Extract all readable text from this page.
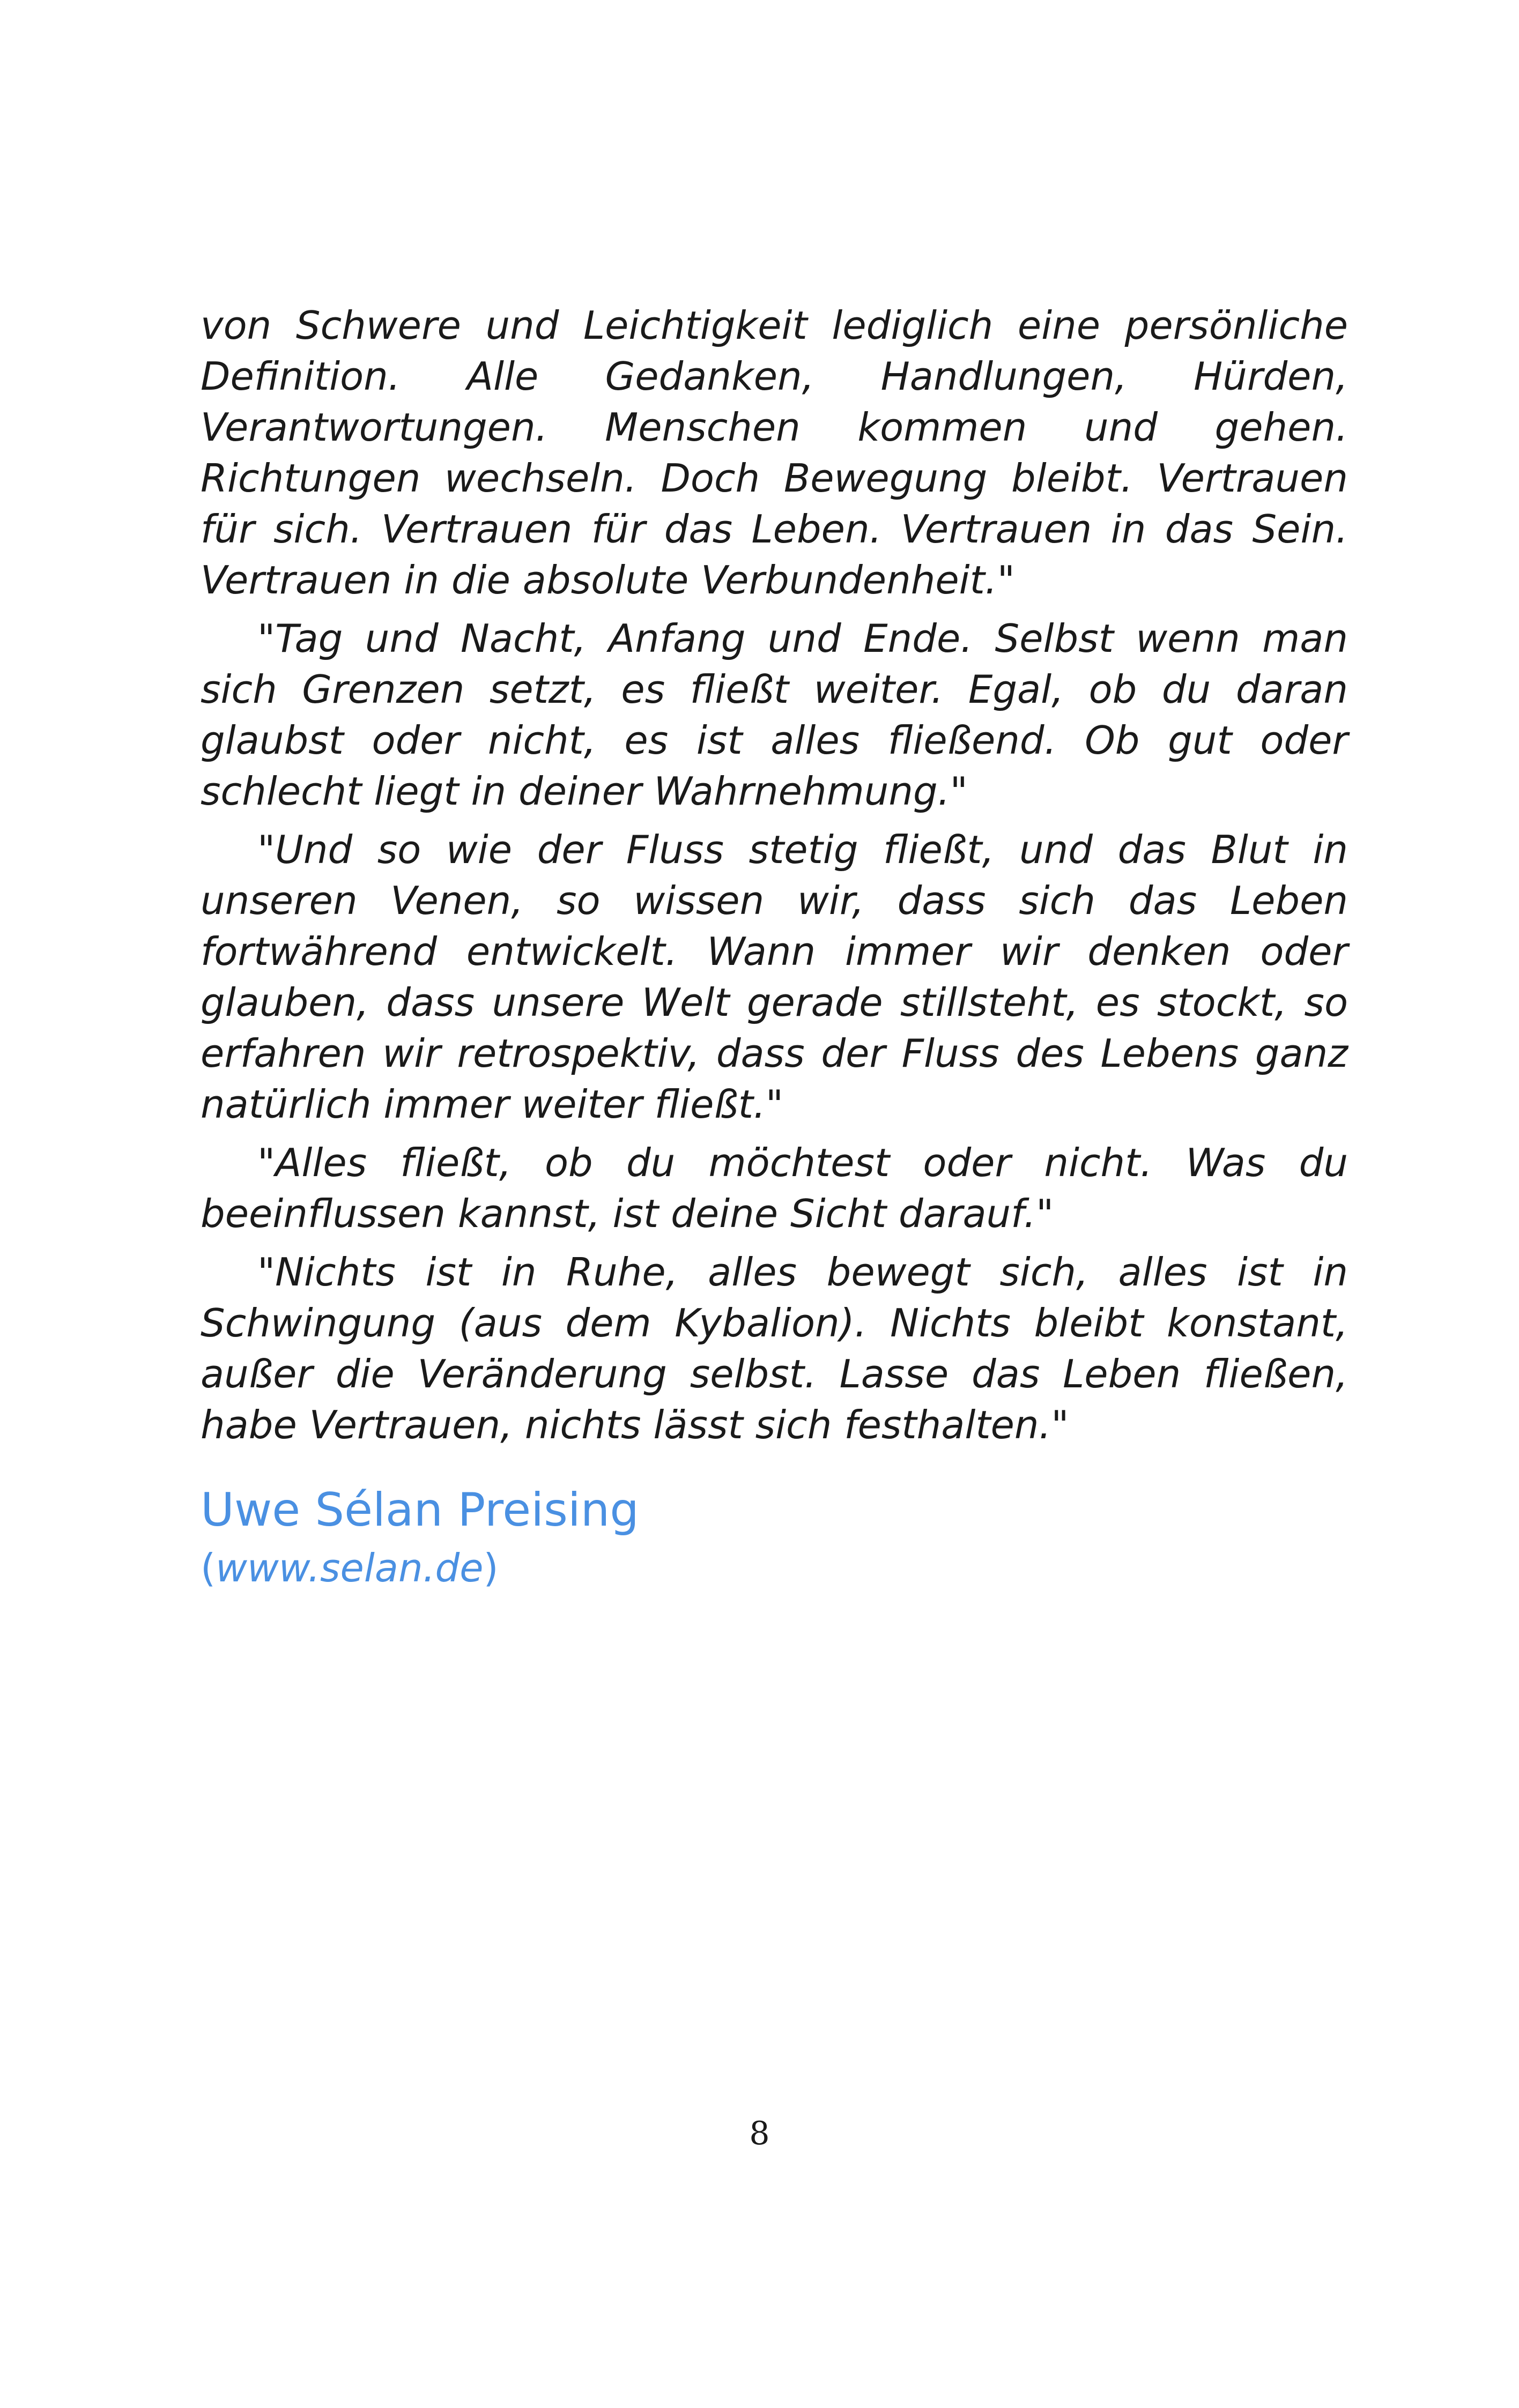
von Schwere und Leichtigkeit lediglich eine persönliche Definition. Alle Gedanken, Handlungen, Hürden, Verantwortungen. Menschen kommen und gehen. Richtungen wechseln. Doch Bewegung bleibt. Vertrauen für sich. Vertrauen für das Leben. Vertrauen in das Sein. Vertrauen in die absolute Verbundenheit."

"Tag und Nacht, Anfang und Ende. Selbst wenn man sich Grenzen setzt, es fließt weiter. Egal, ob du daran glaubst oder nicht, es ist alles fließend. Ob gut oder schlecht liegt in deiner Wahrnehmung."

"Und so wie der Fluss stetig fließt, und das Blut in unseren Venen, so wissen wir, dass sich das Leben fortwährend entwickelt. Wann immer wir denken oder glauben, dass unsere Welt gerade stillsteht, es stockt, so erfahren wir retrospektiv, dass der Fluss des Lebens ganz natürlich immer weiter fließt."

"Alles fließt, ob du möchtest oder nicht. Was du beeinflussen kannst, ist deine Sicht darauf."

"Nichts ist in Ruhe, alles bewegt sich, alles ist in Schwingung (aus dem Kybalion). Nichts bleibt konstant, außer die Veränderung selbst. Lasse das Leben fließen, habe Vertrauen, nichts lässt sich festhalten."

Uwe Sélan Preising
(www.selan.de)
8
